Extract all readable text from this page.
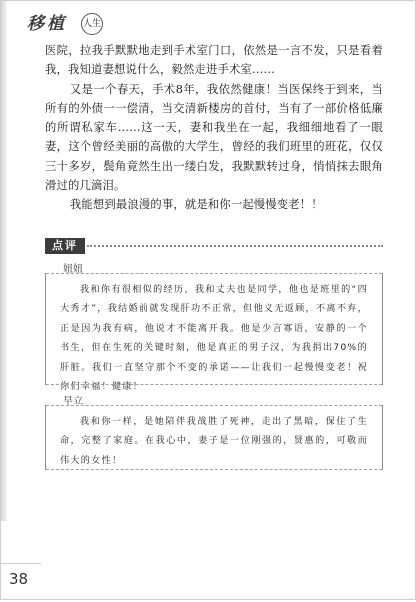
移植 人生

医院，拉我手默默地走到手术室门口，依然是一言不发，只是看着我，我知道妻想说什么，毅然走进手术室……

又是一个春天，手术8年，我依然健康！当医保终于到来，当所有的外债一一偿清，当交清新楼房的首付，当有了一部价格低廉的所谓私家车……这一天，妻和我坐在一起，我细细地看了一眼妻，这个曾经美丽的高傲的大学生，曾经的我们班里的班花，仅仅三十多岁，鬓角竟然生出一缕白发，我默默转过身，悄悄抹去眼角滑过的几滴泪。

我能想到最浪漫的事，就是和你一起慢慢变老！！

点评
妞妞
我和你有很相似的经历，我和丈夫也是同学，他也是班里的“四大秀才”，我结婚前就发现肝功不正常，但他义无返顾，不离不弃，正是因为我有病，他说才不能离开我。他是少言寡语，安静的一个书生，但在生死的关键时刻，他是真正的男子汉，为我捐出70%的肝脏。我们一直坚守那个不变的承诺——让我们一起慢慢变老！祝你们幸福！健康！
早立
我和你一样，是她陪伴我战胜了死神，走出了黑暗，保住了生命，完整了家庭。在我心中，妻子是一位刚强的，贤惠的，可敬而伟大的女性！
38
